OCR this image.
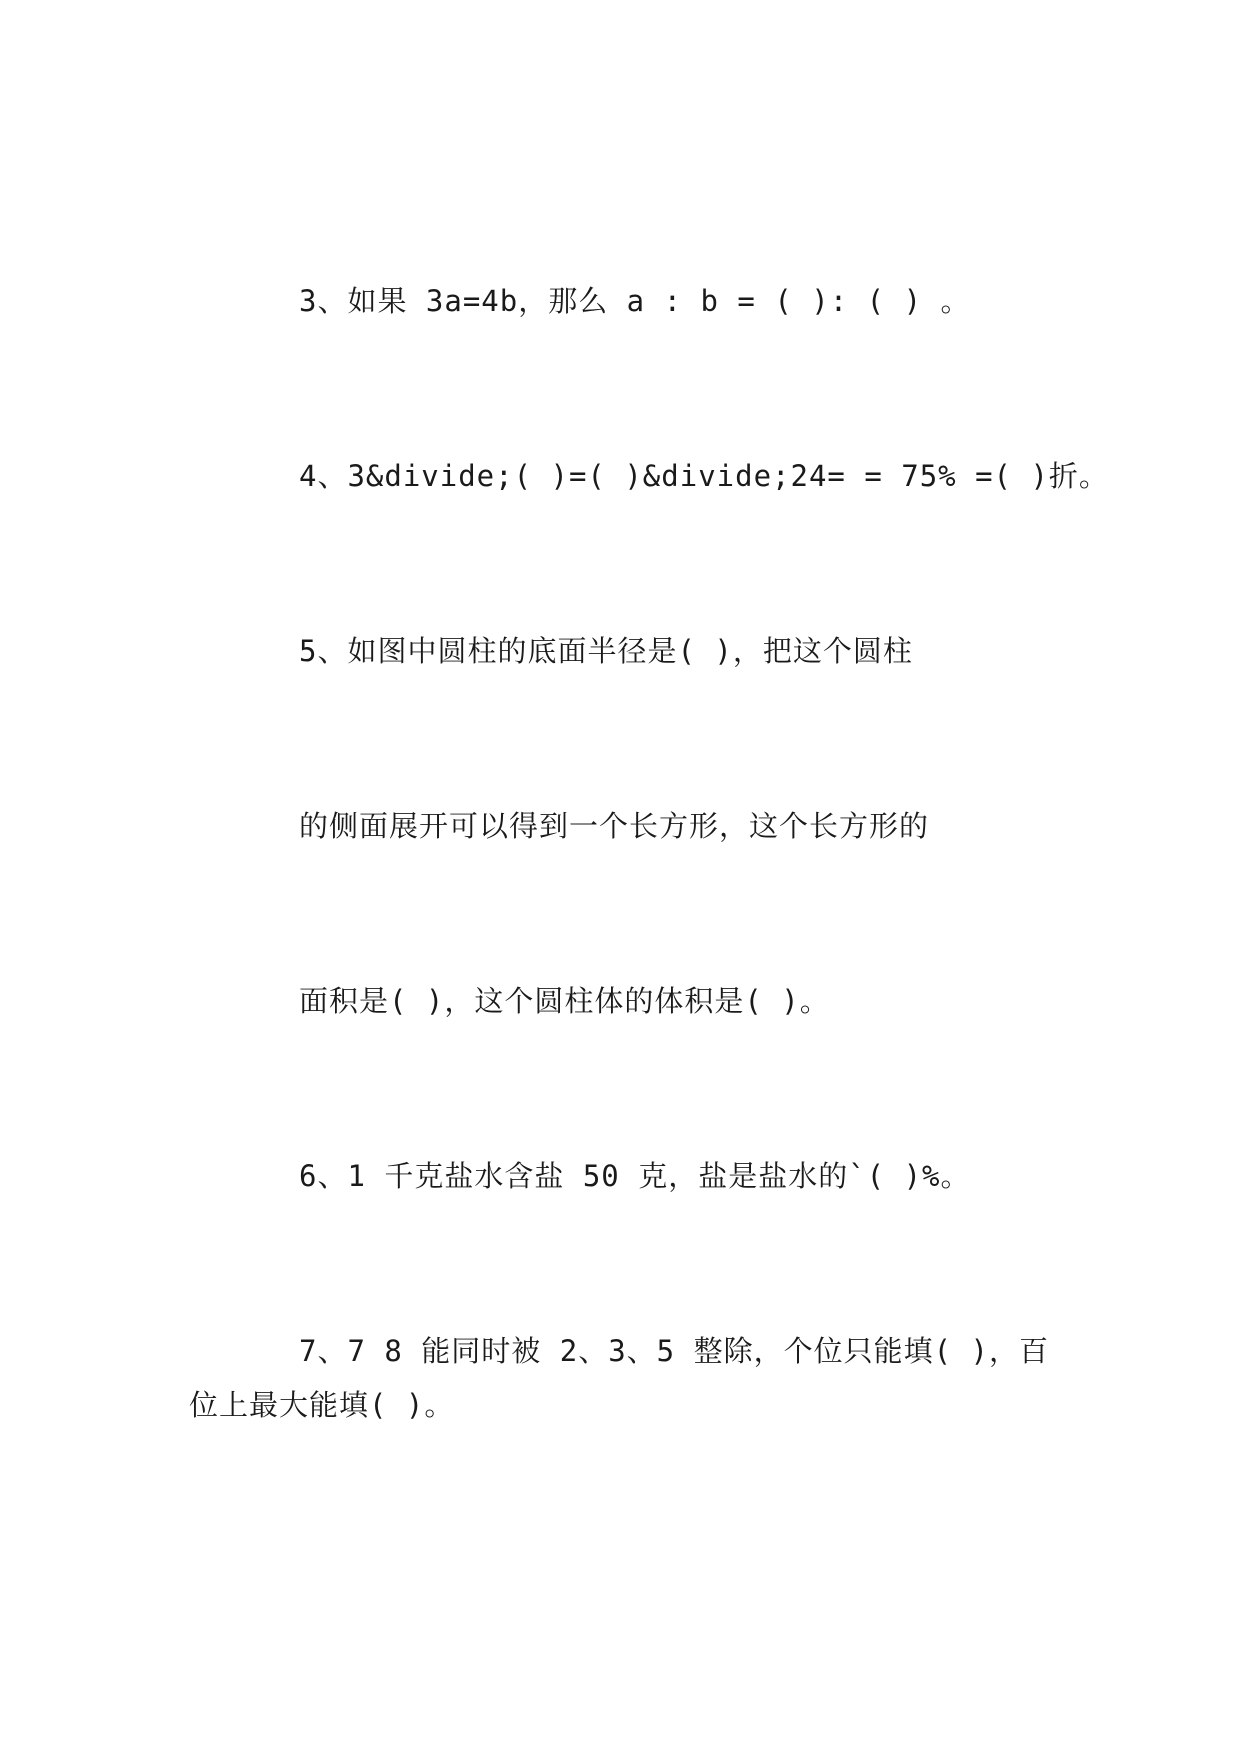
3、如果 3a=4b，那么 a : b = ( ): ( ) 。
4、3&divide;( )=( )&divide;24= = 75% =( )折。
5、如图中圆柱的底面半径是( )，把这个圆柱
的侧面展开可以得到一个长方形，这个长方形的
面积是( )，这个圆柱体的体积是( )。
6、1 千克盐水含盐 50 克，盐是盐水的`( )%。
7、7 8 能同时被 2、3、5 整除，个位只能填( )，百
位上最大能填( )。
